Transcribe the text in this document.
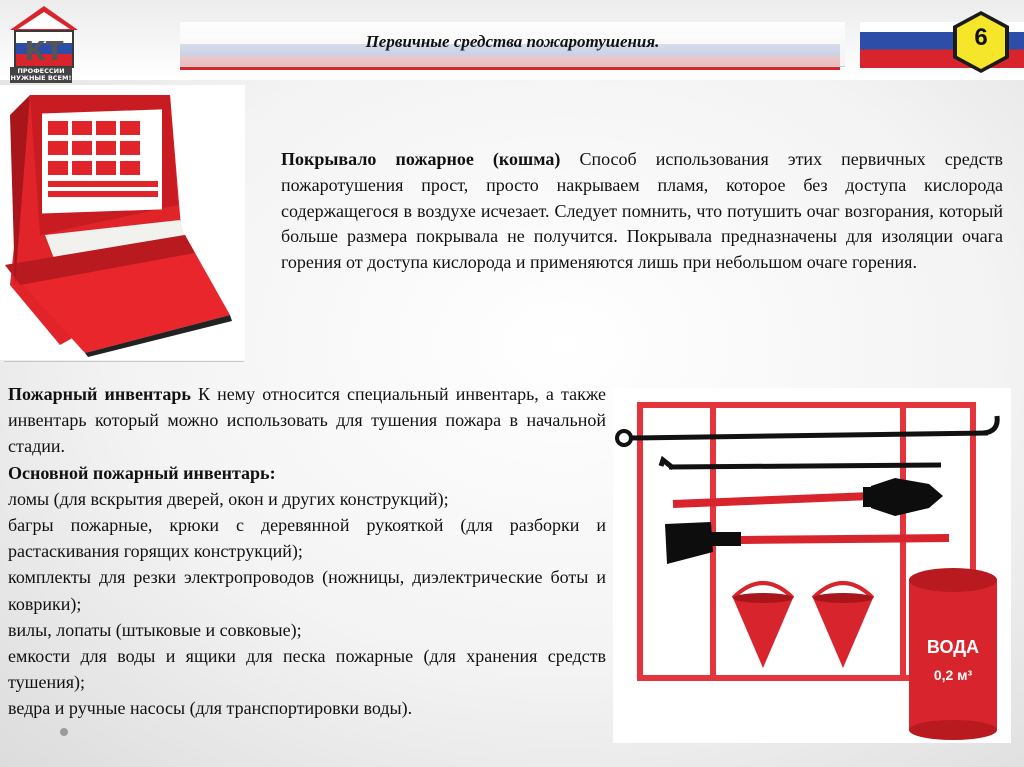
Первичные средства пожаротушения.
КТ
ПРОФЕССИИ НУЖНЫЕ ВСЕМ!
6
Покрывало пожарное (кошма) Способ использования этих первичных средств пожаротушения прост, просто накрываем пламя, которое без доступа кислорода содержащегося в воздухе исчезает. Следует помнить, что потушить очаг возгорания, который больше размера покрывала не получится. Покрывала предназначены для изоляции очага горения от доступа кислорода и применяются лишь при небольшом очаге горения.
Пожарный инвентарь К нему относится специальный инвентарь, а также инвентарь который можно использовать для тушения пожара в начальной стадии.
Основной пожарный инвентарь:
ломы (для вскрытия дверей, окон и других конструкций);
багры пожарные, крюки с деревянной рукояткой (для разборки и растаскивания горящих конструкций);
комплекты для резки электропроводов (ножницы, диэлектрические боты и коврики);
вилы, лопаты (штыковые и совковые);
емкости для воды и ящики для песка пожарные (для хранения средств тушения);
ведра и ручные насосы (для транспортировки воды).
ВОДА
0,2 м³
